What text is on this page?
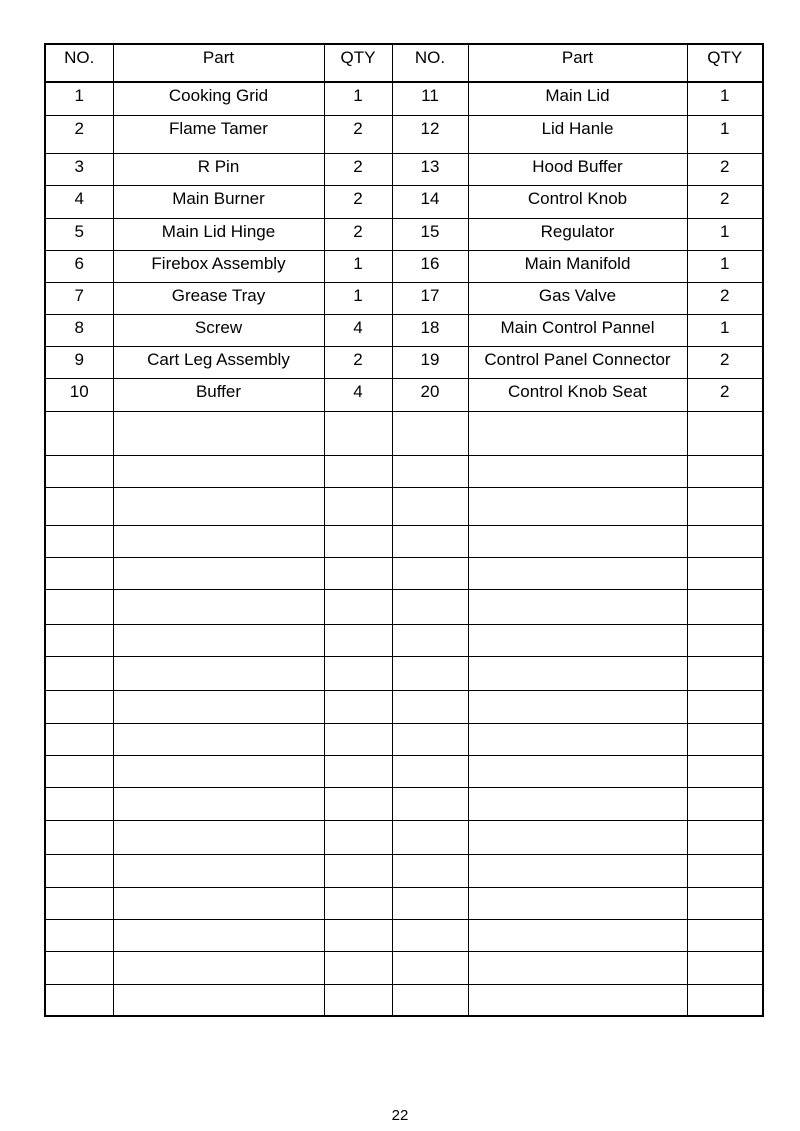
NO.	Part	QTY	NO.	Part	QTY
1	Cooking Grid	1	11	Main Lid	1
2	Flame Tamer	2	12	Lid Hanle	1
3	R Pin	2	13	Hood Buffer	2
4	Main Burner	2	14	Control Knob	2
5	Main Lid Hinge	2	15	Regulator	1
6	Firebox Assembly	1	16	Main Manifold	1
7	Grease Tray	1	17	Gas Valve	2
8	Screw	4	18	Main Control Pannel	1
9	Cart Leg Assembly	2	19	Control Panel Connector	2
10	Buffer	4	20	Control Knob Seat	2

22
